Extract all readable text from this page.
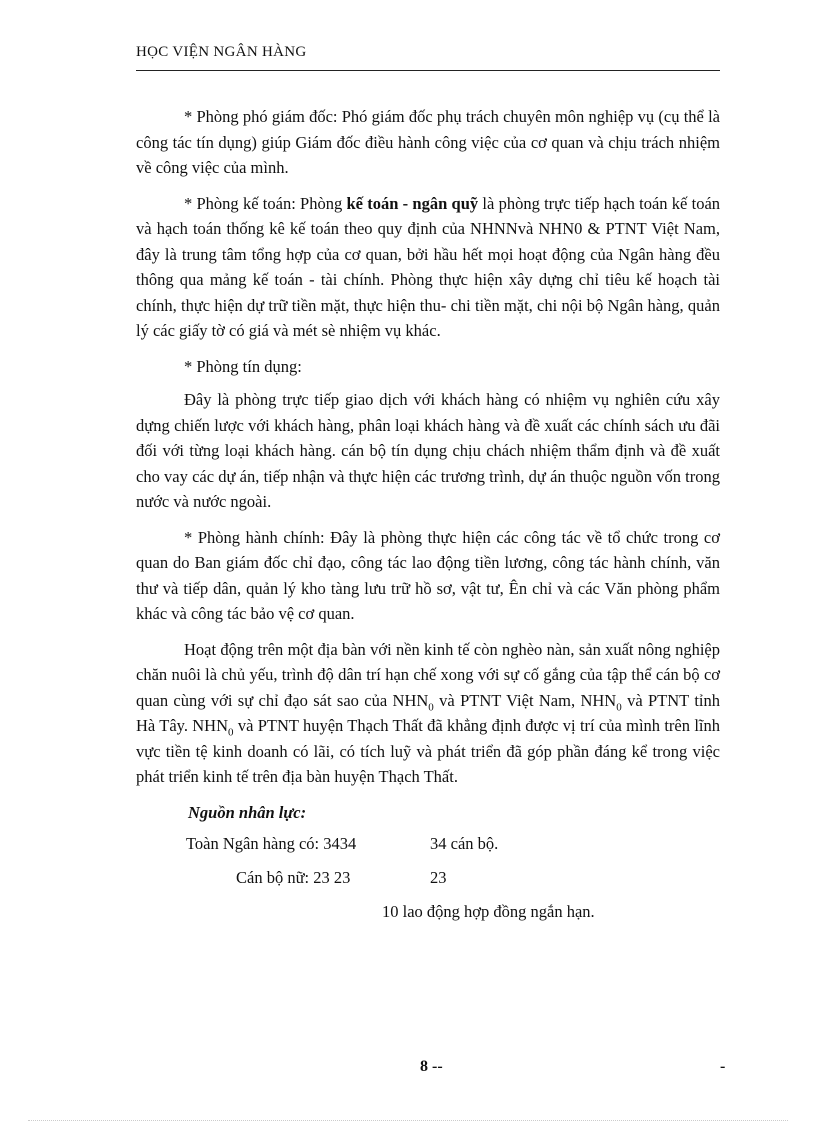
HỌC VIỆN NGÂN HÀNG

* Phòng phó giám đốc: Phó giám đốc phụ trách chuyên môn nghiệp vụ (cụ thể là công tác tín dụng) giúp Giám đốc điều hành công việc của cơ quan và chịu trách nhiệm về công việc của mình.

* Phòng kế toán: Phòng kế toán - ngân quỹ là phòng trực tiếp hạch toán kế toán và hạch toán thống kê kế toán theo quy định của NHNNvà NHN0 & PTNT Việt Nam, đây là trung tâm tổng hợp của cơ quan, bởi hầu hết mọi hoạt động của Ngân hàng đều thông qua mảng kế toán - tài chính. Phòng thực hiện xây dựng chỉ tiêu kế hoạch tài chính, thực hiện dự trữ tiền mặt, thực hiện thu- chi tiền mặt, chi nội bộ Ngân hàng, quản lý các giấy tờ có giá và mét sè nhiệm vụ khác.

* Phòng tín dụng:

Đây là phòng trực tiếp giao dịch với khách hàng có nhiệm vụ nghiên cứu xây dựng chiến lược với khách hàng, phân loại khách hàng và đề xuất các chính sách ưu đãi đối với từng loại khách hàng. cán bộ tín dụng chịu chách nhiệm thẩm định và đề xuất cho vay các dự án, tiếp nhận và thực hiện các trương trình, dự án thuộc nguồn vốn trong nước và nước ngoài.

* Phòng hành chính: Đây là phòng thực hiện các công tác về tổ chức trong cơ quan do Ban giám đốc chỉ đạo, công tác lao động tiền lương, công tác hành chính, văn thư và tiếp dân, quản lý kho tàng lưu trữ hồ sơ, vật tư, Ên chỉ và các Văn phòng phẩm khác và công tác bảo vệ cơ quan.

Hoạt động trên một địa bàn với nền kinh tế còn nghèo nàn, sản xuất nông nghiệp chăn nuôi là chủ yếu, trình độ dân trí hạn chế xong với sự cố gắng của tập thể cán bộ cơ quan cùng với sự chỉ đạo sát sao của $NHN_0$ và PTNT Việt Nam, $NHN_0$ và PTNT tỉnh Hà Tây. $NHN_0$ và PTNT huyện Thạch Thất đã khẳng định được vị trí của mình trên lĩnh vực tiền tệ kinh doanh có lãi, có tích luỹ và phát triển đã góp phần đáng kể trong việc phát triển kinh tế trên địa bàn huyện Thạch Thất.

Nguồn nhân lực:
Toàn Ngân hàng có: 3434	34 cán bộ.
Cán bộ nữ: 23 23	23
10 lao động hợp đồng ngắn hạn.
8 --	-
